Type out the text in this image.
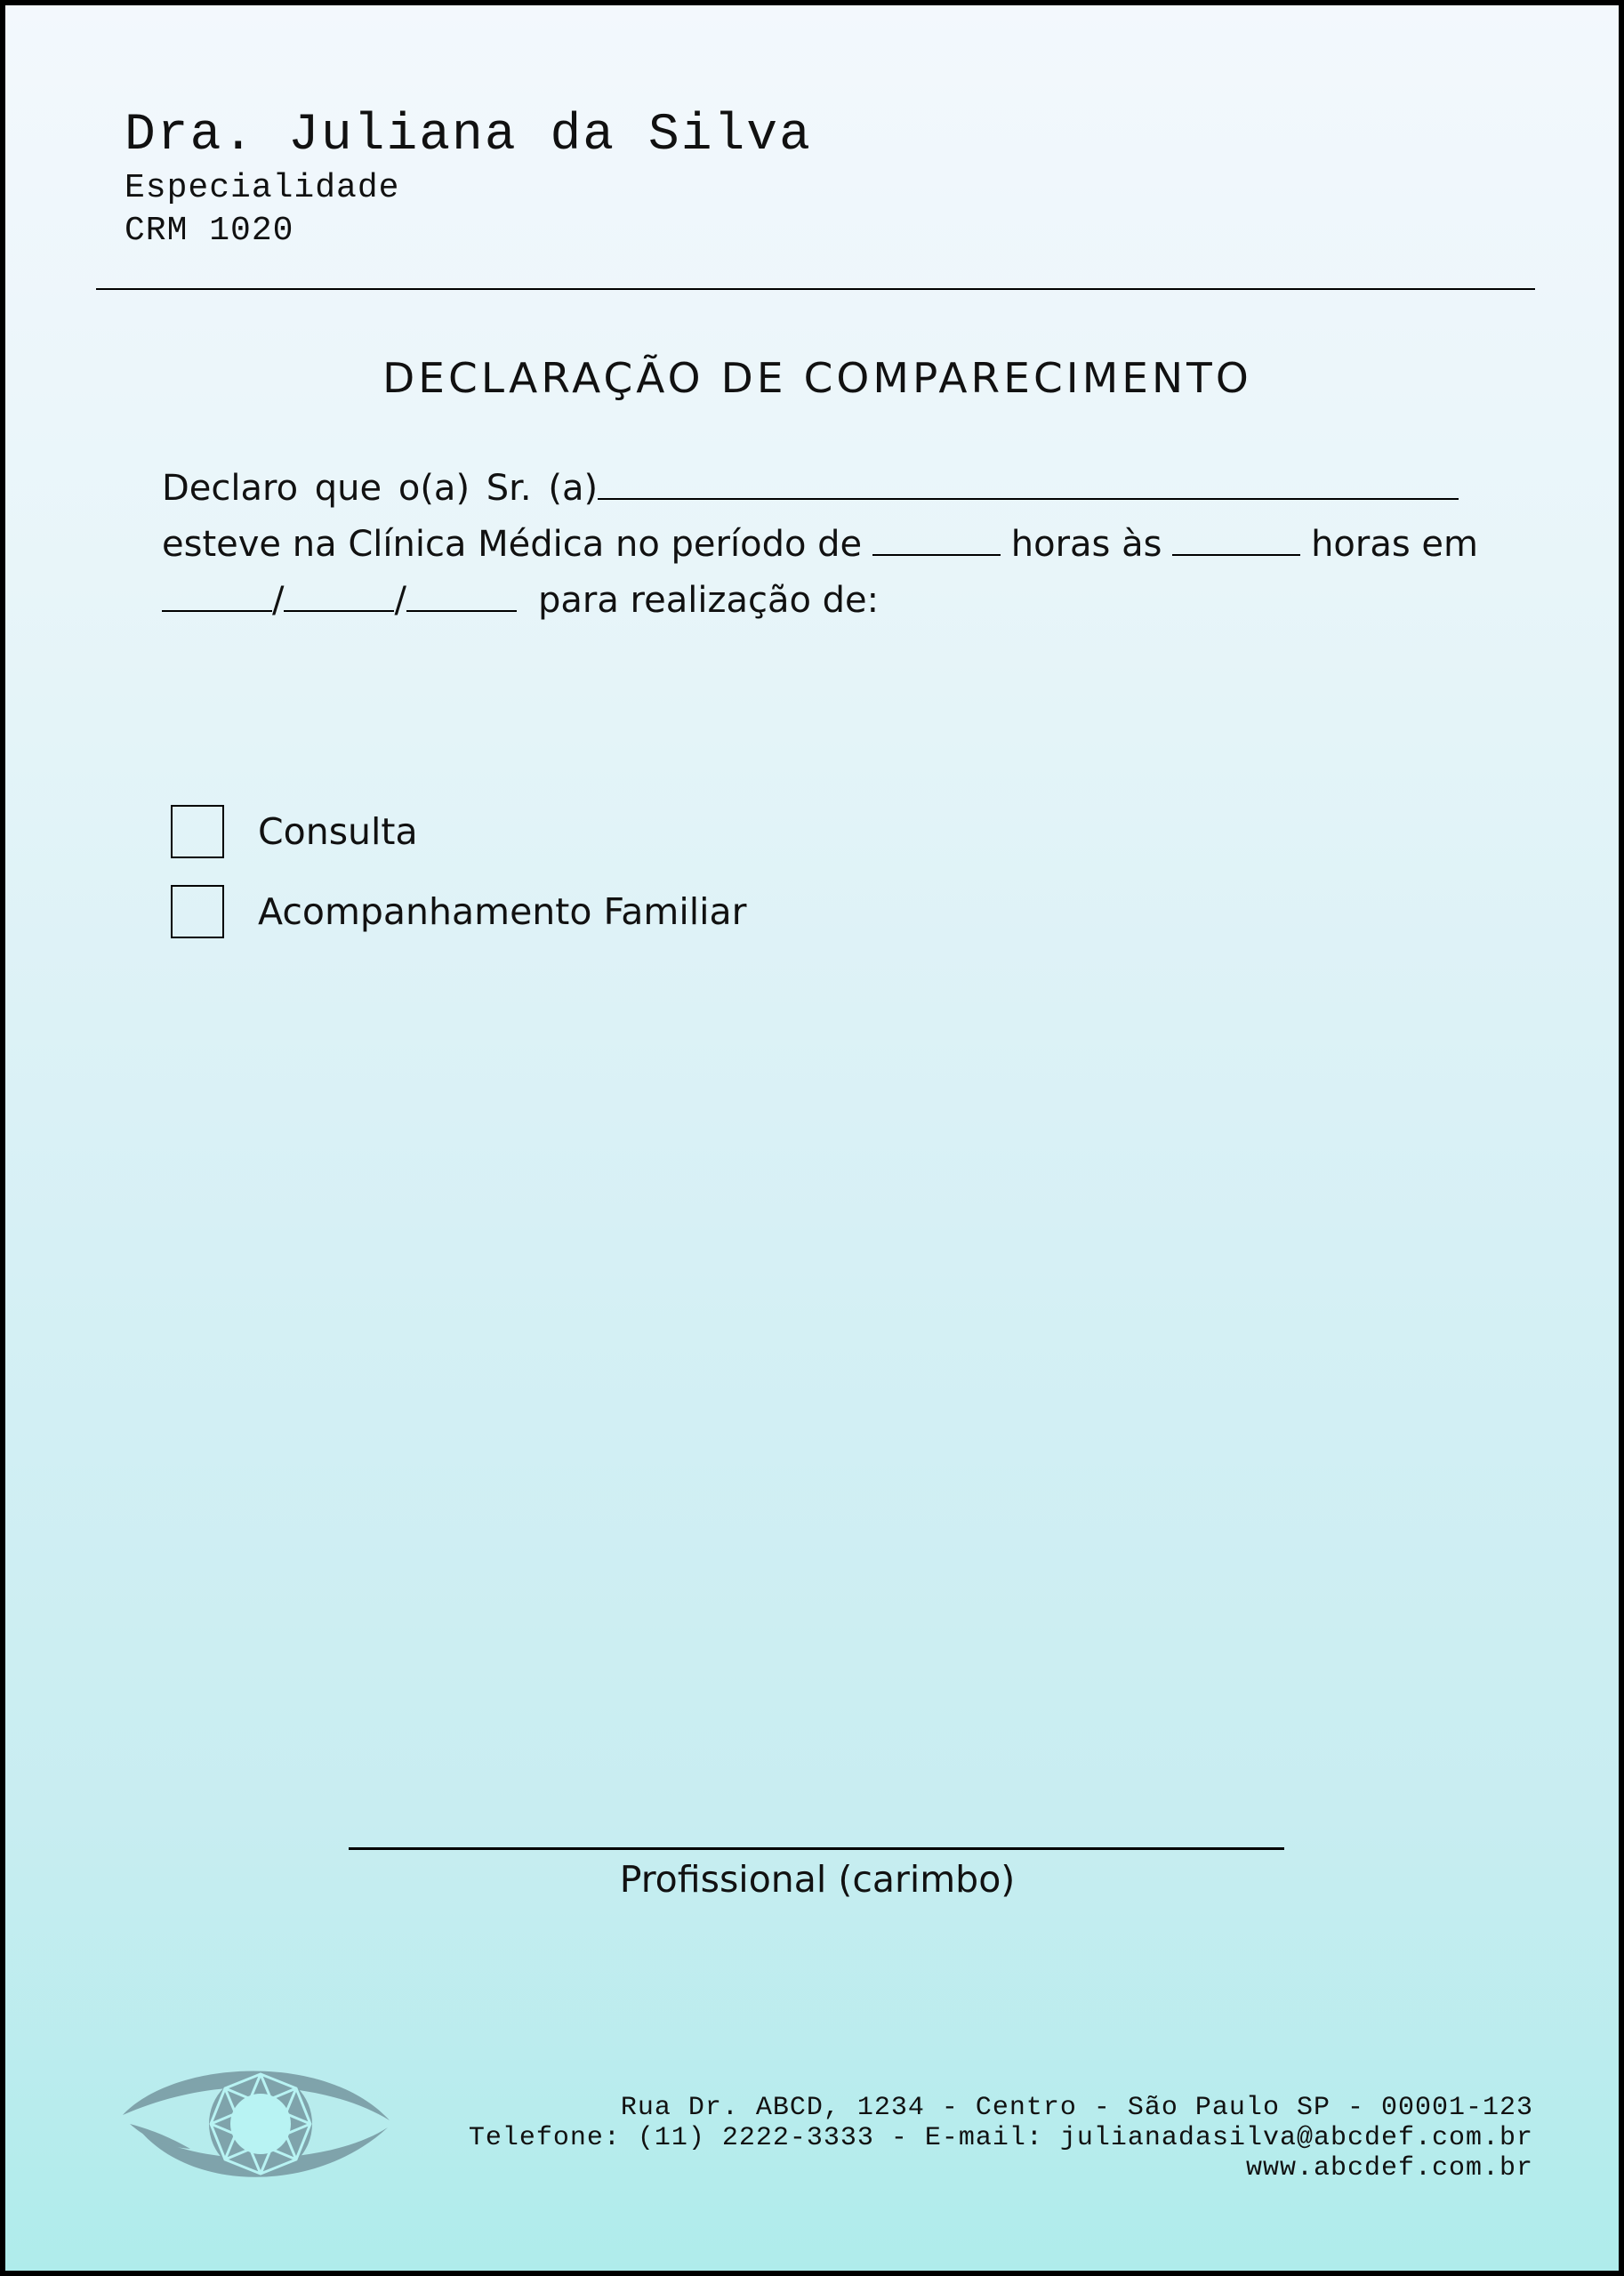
Dra. Juliana da Silva
Especialidade
CRM 1020
DECLARAÇÃO DE COMPARECIMENTO
Declaro que o(a) Sr. (a)
esteve na Clínica Médica no período de	horas às	horas em
/	/	para realização de:
Consulta
Acompanhamento Familiar
Profissional (carimbo)
Rua Dr. ABCD, 1234 - Centro - São Paulo SP - 00001-123
Telefone: (11) 2222-3333 - E-mail: julianadasilva@abcdef.com.br
www.abcdef.com.br
